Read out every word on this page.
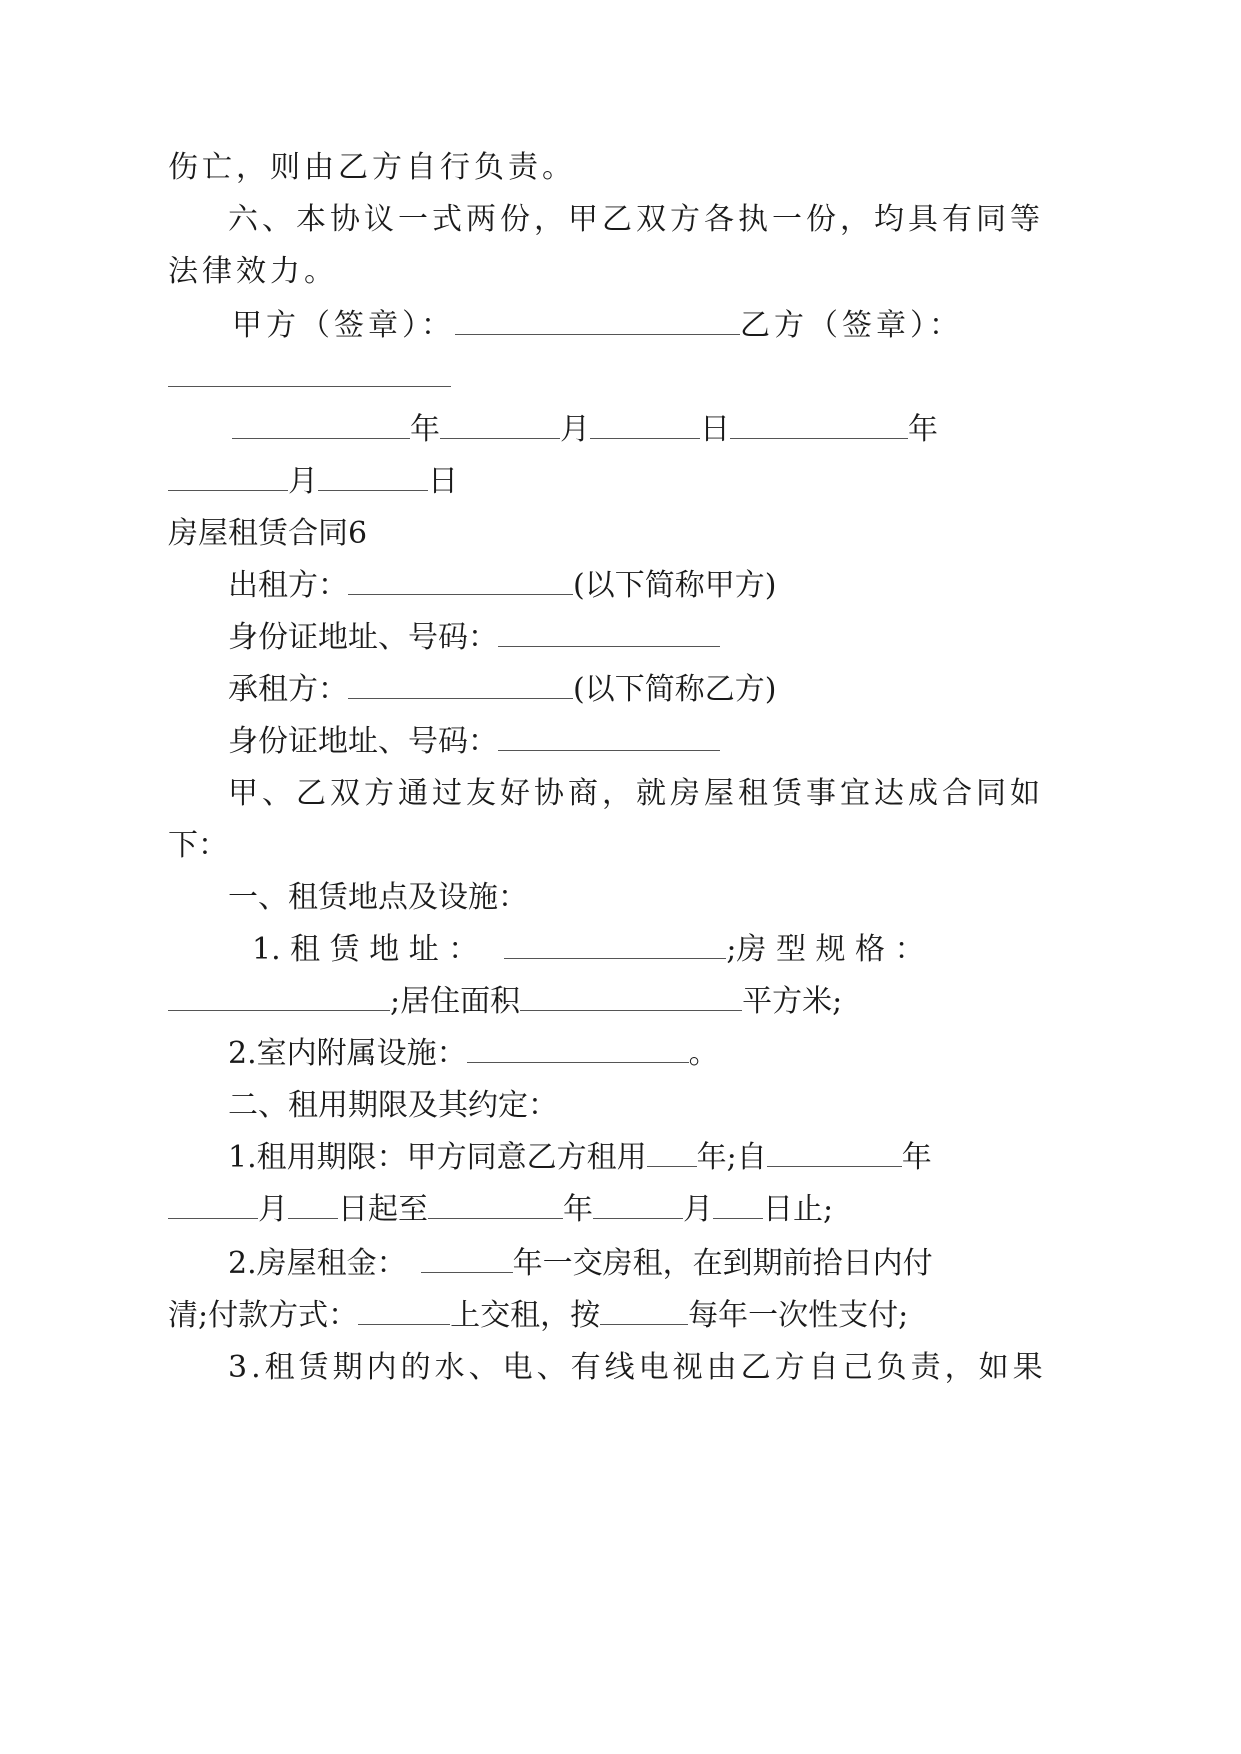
伤亡，则由乙方自行负责。
六、本协议一式两份，甲乙双方各执一份，均具有同等
法律效力。
甲方（签章）：	乙方（签章）：
年	月	日	年
月	日
房屋租赁合同6
出租方：	(以下简称甲方)
身份证地址、号码：
承租方：	(以下简称乙方)
身份证地址、号码：
甲、乙双方通过友好协商，就房屋租赁事宜达成合同如
下：
一、租赁地点及设施：
1. 租 赁 地 址 ：	;房 型 规 格 ：
;居住面积	平方米;
2.室内附属设施：	。
二、租用期限及其约定：
1.租用期限：甲方同意乙方租用 年;自	年
月 日起至	年	月 日止;
2.房屋租金：	年一交房租，在到期前拾日内付
清;付款方式：	上交租，按	每年一次性支付;
3.租赁期内的水、电、有线电视由乙方自己负责，如果
